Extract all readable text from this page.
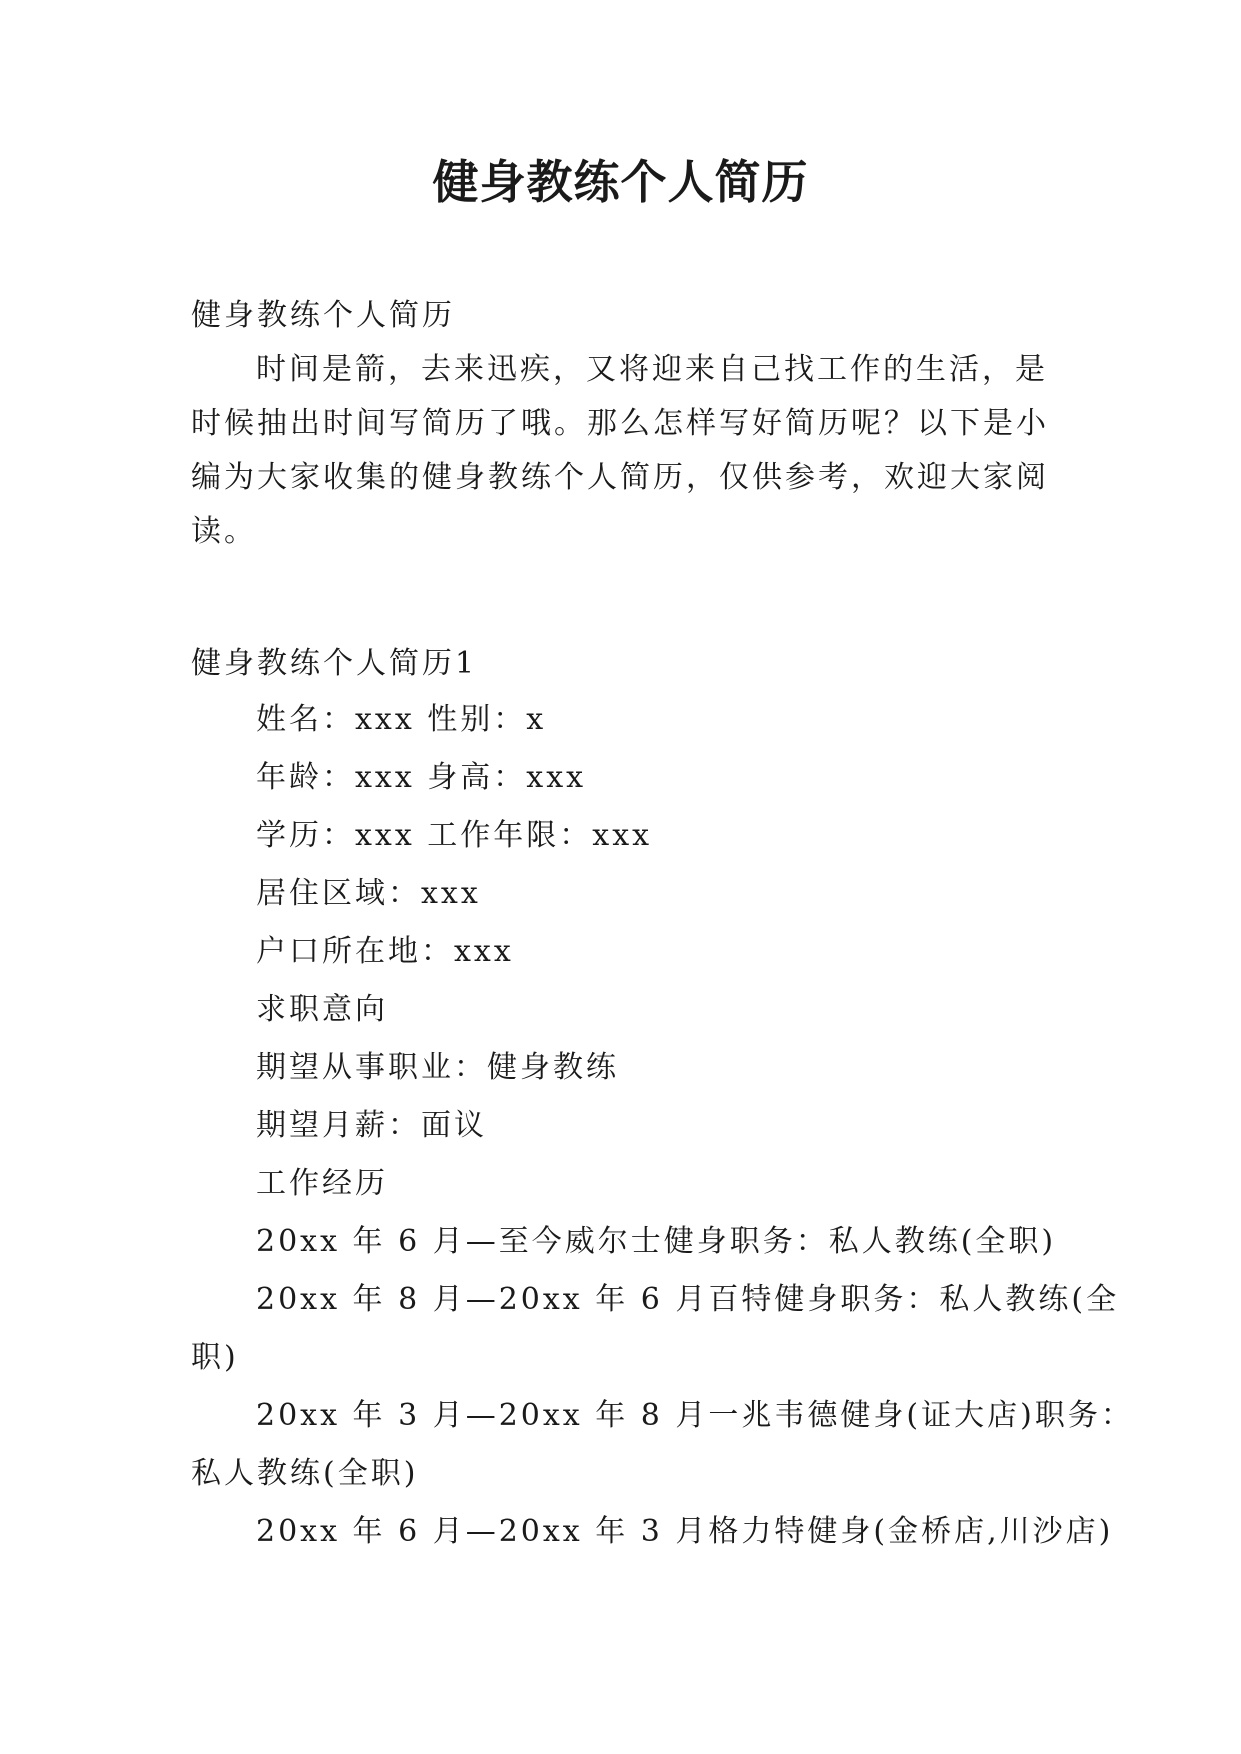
健身教练个人简历
健身教练个人简历
时间是箭，去来迅疾，又将迎来自己找工作的生活，是
时候抽出时间写简历了哦。那么怎样写好简历呢？以下是小
编为大家收集的健身教练个人简历，仅供参考，欢迎大家阅
读。
健身教练个人简历1
姓名：xxx 性别：x
年龄：xxx 身高：xxx
学历：xxx 工作年限：xxx
居住区域：xxx
户口所在地：xxx
求职意向
期望从事职业：健身教练
期望月薪：面议
工作经历
20xx 年 6 月—至今威尔士健身职务：私人教练(全职)
20xx 年 8 月—20xx 年 6 月百特健身职务：私人教练(全
职)
20xx 年 3 月—20xx 年 8 月一兆韦德健身(证大店)职务：
私人教练(全职)
20xx 年 6 月—20xx 年 3 月格力特健身(金桥店,川沙店)
